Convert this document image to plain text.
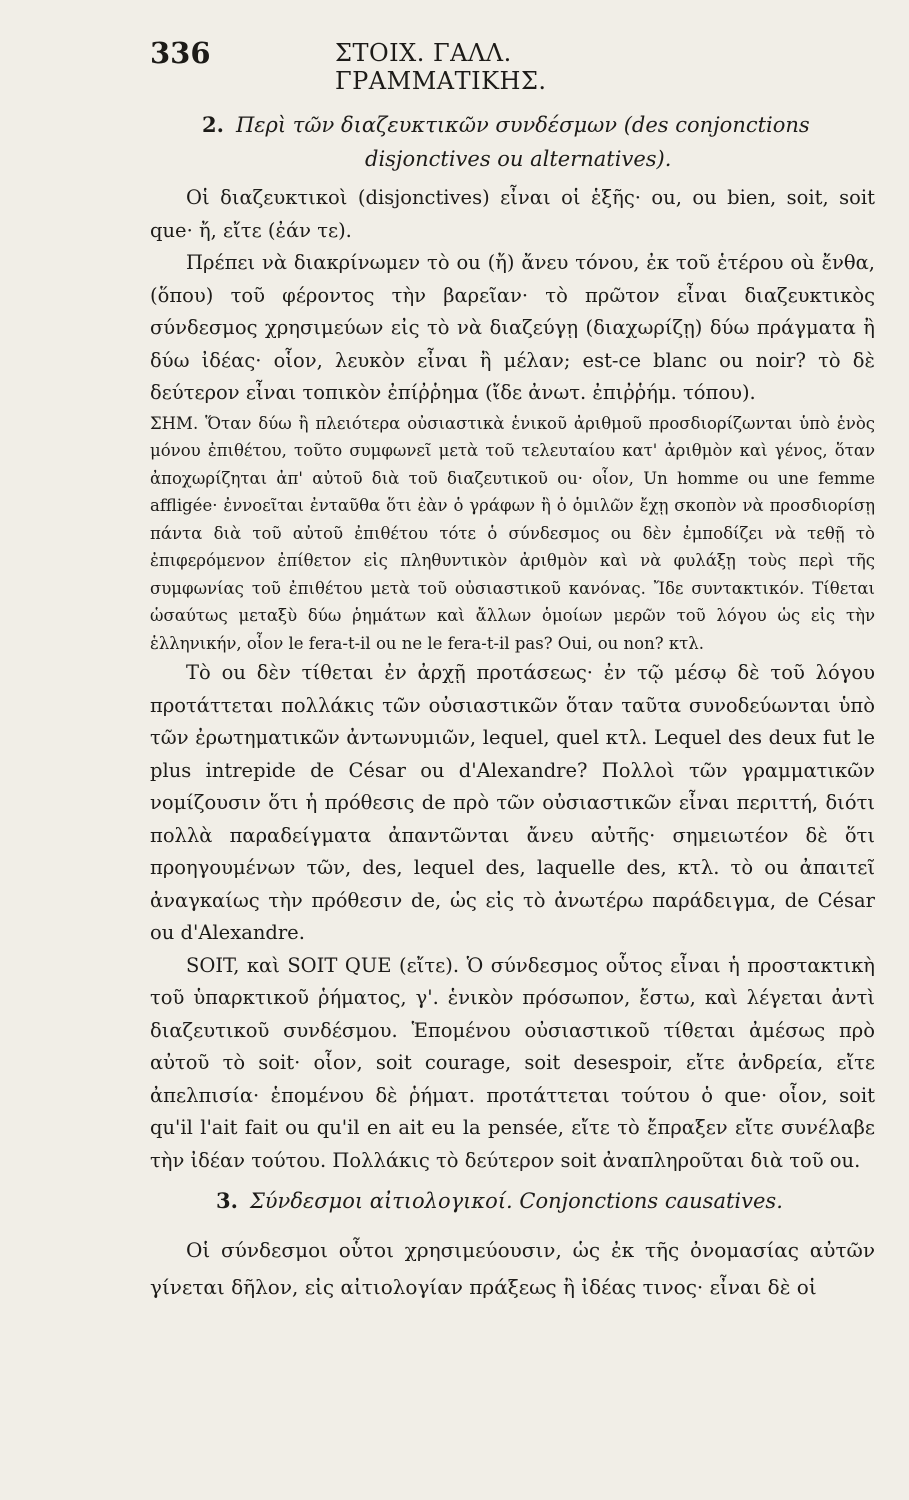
336	ΣΤΟΙΧ. ΓΑΛΛ. ΓΡΑΜΜΑΤΙΚΗΣ.
2. Περὶ τῶν διαζευκτικῶν συνδέσμων (des conjonctions
disjonctives ou alternatives).

Οἱ διαζευκτικοὶ (disjonctives) εἶναι οἱ ἑξῆς· ou, ou bien, soit, soit que· ἤ, εἴτε (ἐάν τε).

Πρέπει νὰ διακρίνωμεν τὸ ou (ἤ) ἄνευ τόνου, ἐκ τοῦ ἑτέρου où ἔνθα, (ὅπου) τοῦ φέροντος τὴν βαρεῖαν· τὸ πρῶτον εἶναι διαζευκτικὸς σύνδεσμος χρησιμεύων εἰς τὸ νὰ διαζεύγῃ (διαχωρίζῃ) δύω πράγματα ἢ δύω ἰδέας· οἷον, λευκὸν εἶναι ἢ μέλαν; est-ce blanc ou noir? τὸ δὲ δεύτερον εἶναι τοπικὸν ἐπίῤῥημα (ἴδε ἀνωτ. ἐπιῤῥήμ. τόπου).

ΣΗΜ. Ὅταν δύω ἢ πλειότερα οὐσιαστικὰ ἑνικοῦ ἀριθμοῦ προσδιορίζωνται ὑπὸ ἑνὸς μόνου ἐπιθέτου, τοῦτο συμφωνεῖ μετὰ τοῦ τελευταίου κατ' ἀριθμὸν καὶ γένος, ὅταν ἀποχωρίζηται ἀπ' αὐτοῦ διὰ τοῦ διαζευτικοῦ ou· οἷον, Un homme ou une femme affligée· ἐννοεῖται ἐνταῦθα ὅτι ἐὰν ὁ γράφων ἢ ὁ ὁμιλῶν ἔχῃ σκοπὸν νὰ προσδιορίσῃ πάντα διὰ τοῦ αὐτοῦ ἐπιθέτου τότε ὁ σύνδεσμος ou δὲν ἐμποδίζει νὰ τεθῇ τὸ ἐπιφερόμενον ἐπίθετον εἰς πληθυντικὸν ἀριθμὸν καὶ νὰ φυλάξῃ τοὺς περὶ τῆς συμφωνίας τοῦ ἐπιθέτου μετὰ τοῦ οὐσιαστικοῦ κανόνας. Ἴδε συντακτικόν. Τίθεται ὡσαύτως μεταξὺ δύω ῥημάτων καὶ ἄλλων ὁμοίων μερῶν τοῦ λόγου ὡς εἰς τὴν ἑλληνικήν, οἷον le fera-t-il ou ne le fera-t-il pas? Oui, ou non? κτλ.

Τὸ ou δὲν τίθεται ἐν ἀρχῇ προτάσεως· ἐν τῷ μέσῳ δὲ τοῦ λόγου προτάττεται πολλάκις τῶν οὐσιαστικῶν ὅταν ταῦτα συνοδεύωνται ὑπὸ τῶν ἐρωτηματικῶν ἀντωνυμιῶν, lequel, quel κτλ. Lequel des deux fut le plus intrepide de César ou d'Alexandre? Πολλοὶ τῶν γραμματικῶν νομίζουσιν ὅτι ἡ πρόθεσις de πρὸ τῶν οὐσιαστικῶν εἶναι περιττή, διότι πολλὰ παραδείγματα ἀπαντῶνται ἄνευ αὐτῆς· σημειωτέον δὲ ὅτι προηγουμένων τῶν, des, lequel des, laquelle des, κτλ. τὸ ou ἀπαιτεῖ ἀναγκαίως τὴν πρόθεσιν de, ὡς εἰς τὸ ἀνωτέρω παράδειγμα, de César ou d'Alexandre.

SOIT, καὶ SOIT QUE (εἴτε). Ὁ σύνδεσμος οὗτος εἶναι ἡ προστακτικὴ τοῦ ὑπαρκτικοῦ ῥήματος, γ'. ἑνικὸν πρόσωπον, ἔστω, καὶ λέγεται ἀντὶ διαζευτικοῦ συνδέσμου. Ἑπομένου οὐσιαστικοῦ τίθεται ἀμέσως πρὸ αὐτοῦ τὸ soit· οἷον, soit courage, soit desespoir, εἴτε ἀνδρεία, εἴτε ἀπελπισία· ἑπομένου δὲ ῥήματ. προτάττεται τούτου ὁ que· οἷον, soit qu'il l'ait fait ou qu'il en ait eu la pensée, εἴτε τὸ ἔπραξεν εἴτε συνέλαβε τὴν ἰδέαν τούτου. Πολλάκις τὸ δεύτερον soit ἀναπληροῦται διὰ τοῦ ou.

3. Σύνδεσμοι αἰτιολογικοί. Conjonctions causatives.

Οἱ σύνδεσμοι οὗτοι χρησιμεύουσιν, ὡς ἐκ τῆς ὀνομασίας αὐτῶν γίνεται δῆλον, εἰς αἰτιολογίαν πράξεως ἢ ἰδέας τινος· εἶναι δὲ οἱ
